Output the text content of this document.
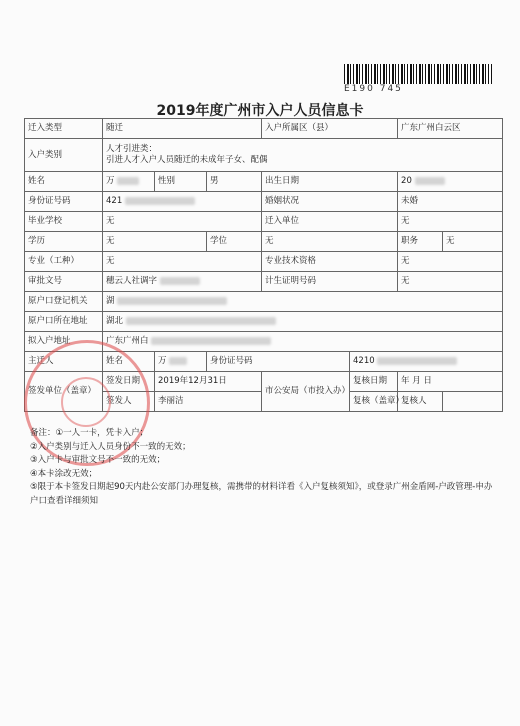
E190 745
2019年度广州市入户人员信息卡
迁入类型	随迁			入户所属区（县）		广东广州白云区	
入户类别	人才引进类：
引进人才入户人员随迁的未成年子女、配偶						

姓名	万	性别	男	出生日期		20	
身份证号码	421			婚姻状况		未婚	
毕业学校	无			迁入单位		无	
学历	无		学位	无		职务	无
专业（工种）	无			专业技术资格		无	
审批文号	穗云人社调字			计生证明号码		无	
原户口登记机关	湖						
原户口所在地址	湖北						
拟入户地址	广东广州白						
主迁人	姓名	万	身份证号码		4210		
签发单位（盖章）	签发日期	2019年12月31日		市公安局（市投入办）	复核日期	年 月 日	
	签发人	李丽洁			复核（盖章）	复核人	
备注：①一人一卡，凭卡入户；
②入户类别与迁入人员身份不一致的无效；
③入户卡与审批文号不一致的无效；
④本卡涂改无效；
⑤限于本卡签发日期起90天内赴公安部门办理复核，需携带的材料详看《入户复核须知》，或登录广州金盾网-户政管理-申办户口查看详细须知
